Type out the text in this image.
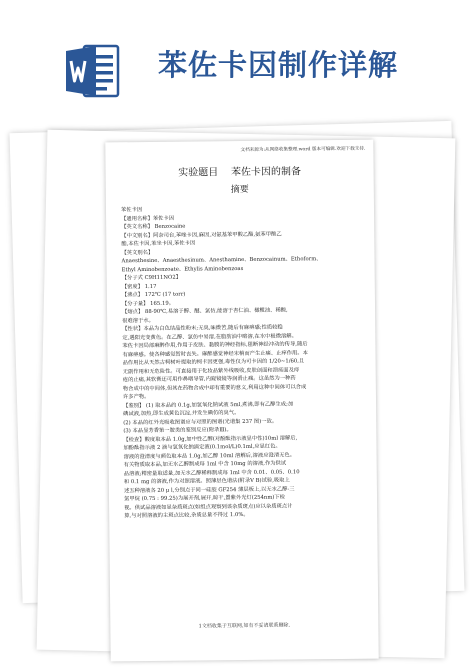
苯佐卡因制作详解
文档来源为:从网络收集整理.word 版本可编辑.欢迎下载支持.
实验题目    苯佐卡因的制备
摘要
苯佐卡因
【通用名称】苯佐卡因
【英文名称】 Benzocaine
【中文别名】阿奈司台,苯唑卡因,麻因,对氨基苯甲酸乙酯,氨苯甲酸乙
酯,本佐卡因,苯坐卡因,苯佐卡因
【英文别名】
Anaesthesine、Anaesthesinum、Anesthamine、Benzocainum、Ethoform、
Ethyl Aminobenzoate、Ethylis Aminobenzoas
【分子式 C9H11NO2】
【密度】 1.17
【沸点】 172℃ (17 torr)
【分子量】 165.19。
【熔点】 88-90℃,易溶于醇、醚、氯仿,能溶于杏仁油、橄榄油、稀酸,
很难溶于水。
【性状】本品为白色结晶性粉末;无臭,味微苦,随后有麻痹感;性质较稳
定,遇阳光变黄色。在乙醇、氯仿中易溶,在脂肪油中略溶,在水中极微溶解。
苯佐卡因局部麻醉作用,作用于皮肤、黏膜的神经指标,阻断神经冲动的传导,随后
有麻痹感。使各种感觉暂时丧失。麻醉感觉神经末梢而产生止痛、止痒作用。本
品作用比从天然古柯树叶提取的柯卡因更强,毒性仅为可卡因的 1/20~1/60,且
无副作用和无危险性。可直接用于化妆品紫外线吸收,皮肤创面和溃疡面及痔
疮的止痛,其软膏还可用作鼻咽导管,内窥镜镜等润滑止痛。这虽然为一种药
物合成中的中间体,但其在药物合成中却有重要的意义,利用这种中间体可以合成
许多产物。
【鉴别】 (1) 取本品约 0.1g,加氢氧化钠试液 5ml,煮沸,即有乙醇生成;加
碘试液,加热,即生成黄色沉淀,并发生碘仿的臭气。
(2) 本品的红外光吸收图谱应与对照的图谱(光谱集 237 图)一致。
(3) 本品显芳香第一胺类的鉴别反应(附录Ⅲ)。
【检查】酸度取本品 1.0g,加中性乙醇(对酚酞指示液显中性)10ml 溶解后,
加酚酞指示液 2 滴与氢氧化钠滴定液(0.1mol/L)0.1ml,应显红色。
溶液的澄清度与颜色取本品 1.0g,加乙醇 10ml 溶解后,溶液应澄清无色。
有关物质取本品,加无水乙醇制成每 1ml 中含 10mg 的溶液,作为供试
品溶液;精密量取适量,加无水乙醇稀释制成每 1ml 中含 0.01、0.05、0.10
和 0.1 mg 的溶液,作为对照溶液。照薄层色谱法(附录Ⅴ B)试验,吸取上
述五种溶液各 20 μ l,分别点于同一硅胶 GF254 薄层板上,以无水乙醇-三
氯甲烷 (0.75 : 99.25)为展开剂,展开,晾干,置紫外光灯(254nm)下检
视。供试品溶液如显杂质斑点(如组点观察到该杂质斑点)应以杂质斑点计
算,与对照溶液的主斑点比较,杂质总量不得过 1.0%。
1文档收集于互联网,如有不妥请联系删除.
